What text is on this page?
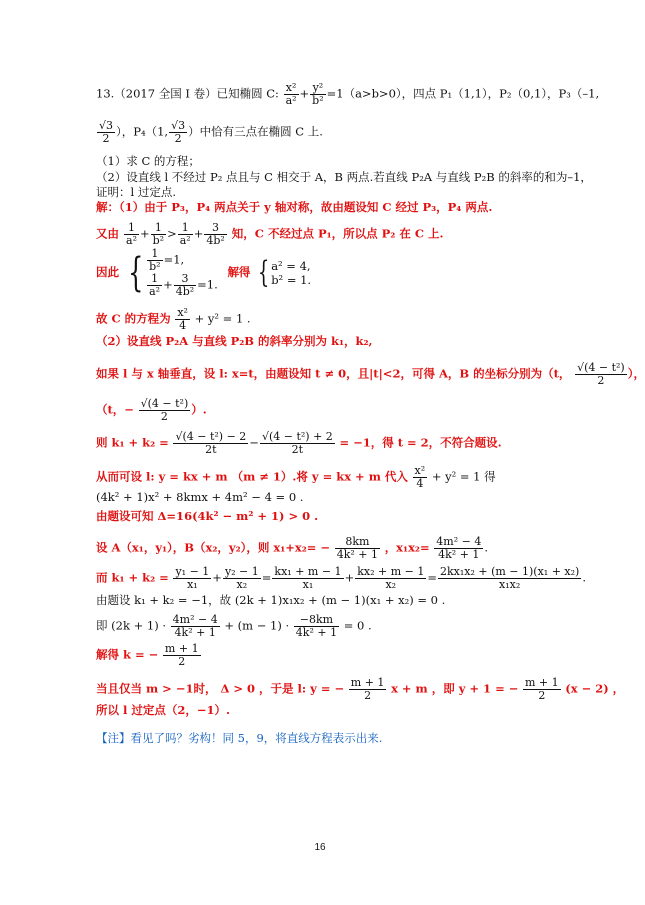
13.（2017 全国 I 卷）已知椭圆 C: $\frac{\text{x²}}{\text{a²}} + \frac{\text{y²}}{\text{b²}} =1(a>b>0)$，四点 P₁（1,1），P₂（0,1），P₃（–1,
$\frac{√3}{2}$ ），P₄（1, $\frac{√3}{2}$ ）中恰有三点在椭圆 C 上.
（1）求 C 的方程；
（2）设直线 l 不经过 P₂ 点且与 C 相交于 A，B 两点.若直线 P₂A 与直线 P₂B 的斜率的和为–1，
证明：l 过定点.
解：（1）由于 P₃，P₄ 两点关于 y 轴对称，故由题设知 C 经过 P₃，P₄ 两点.
又由 $\frac{1}{\text{a²}} + \frac{1}{\text{b²}} > \frac{1}{\text{a²}} + \frac{3}{\text{4b²}}$ 知，C 不经过点 P₁，所以点 P₂ 在 C 上.
因此 { $\frac{1}{\text{b²}} =1$,
$\frac{1}{\text{a²}} + \frac{3}{\text{4b²}} =1$.
解得 { a² = 4,
b² = 1.
故 C 的方程为 $\frac{\text{x²}}{4} + y^2 = 1$ .
（2）设直线 P₂A 与直线 P₂B 的斜率分别为 k₁，k₂,
如果 l 与 x 轴垂直，设 l: x=t，由题设知 t ≠ 0，且|t|<2，可得 A，B 的坐标分别为（t， $\frac{\text{√(4 − t²)}}{2}$ ），
（t，− $\frac{\text{√(4 − t²)}}{2}$ ）.
则 $k_1 + k_2 = \frac{\text{√(4 − t²) − 2}}{2t} - \frac{\text{√(4 − t²) + 2}}{2t} = -1$，得 t = 2，不符合题设.
从而可设 l: y = kx + m （m ≠ 1）.将 y = kx + m 代入 $\frac{\text{x²}}{4} + y^2 = 1$ 得
(4k² + 1)x² + 8kmx + 4m² − 4 = 0 .
由题设可知 Δ=16(4k² − m² + 1) > 0 .
设 A（x₁，y₁），B（x₂，y₂），则 $x_1+x_2= - \frac{8km}{\text{4k² + 1}}$ ，$x_1x_2= \frac{\text{4m² − 4}}{\text{4k² + 1}}$ .
而 $k_1 + k_2 = \frac{\text{y₁ − 1}}{\text{x₁}} + \frac{\text{y₂ − 1}}{\text{x₂}} = \frac{\text{kx₁ + m − 1}}{\text{x₁}} + \frac{\text{kx₂ + m − 1}}{\text{x₂}} = \frac{\text{2kx₁x₂ + (m − 1)(x₁ + x₂)}}{\text{x₁x₂}}$ .
由题设 k₁ + k₂ = −1，故 (2k + 1)x₁x₂ + (m − 1)(x₁ + x₂) = 0 .
即 $(2k + 1) \cdot \frac{\text{4m² − 4}}{\text{4k² + 1}} + (m - 1) \cdot \frac{-8km}{\text{4k² + 1}} = 0$ .
解得 k = − $\frac{m + 1}{2}$
当且仅当 m > −1时， Δ > 0 ，于是 l: y = − $\frac{m + 1}{2}$ x + m ，即 y + 1 = − $\frac{m + 1}{2} (x - 2)$ ，
所以 l 过定点（2，−1）.
【注】看见了吗？劣构！同 5，9，将直线方程表示出来.
16
